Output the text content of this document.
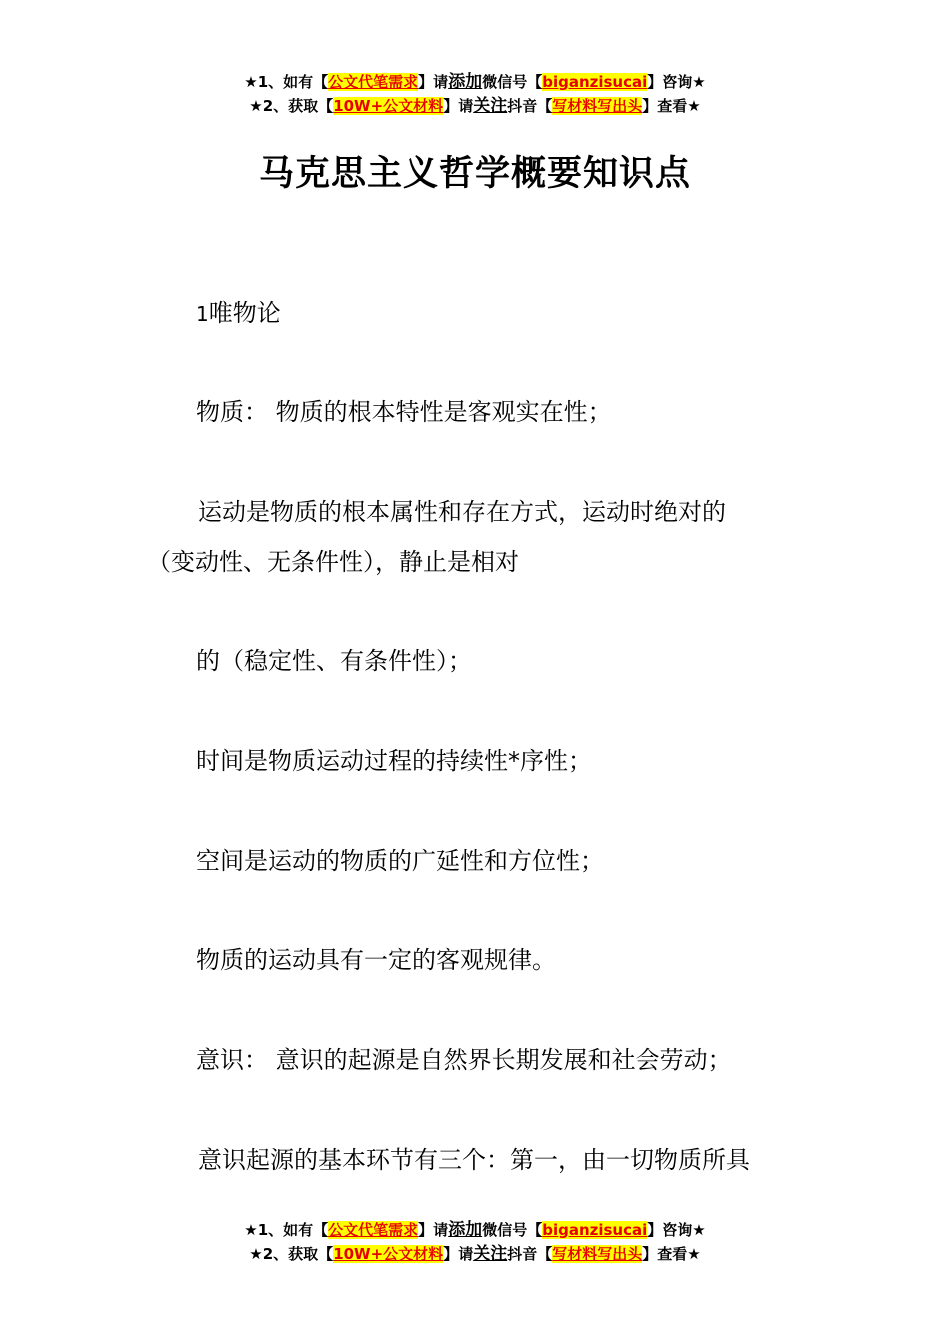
★1、如有【公文代笔需求】请添加微信号【biganzisucai】咨询★
★2、获取【10W+公文材料】请关注抖音【写材料写出头】查看★
马克思主义哲学概要知识点
1唯物论
物质： 物质的根本特性是客观实在性；
运动是物质的根本属性和存在方式，运动时绝对的
（变动性、无条件性），静止是相对
的（稳定性、有条件性）；
时间是物质运动过程的持续性*序性；
空间是运动的物质的广延性和方位性；
物质的运动具有一定的客观规律。
意识： 意识的起源是自然界长期发展和社会劳动；
意识起源的基本环节有三个：第一，由一切物质所具
★1、如有【公文代笔需求】请添加微信号【biganzisucai】咨询★
★2、获取【10W+公文材料】请关注抖音【写材料写出头】查看★
